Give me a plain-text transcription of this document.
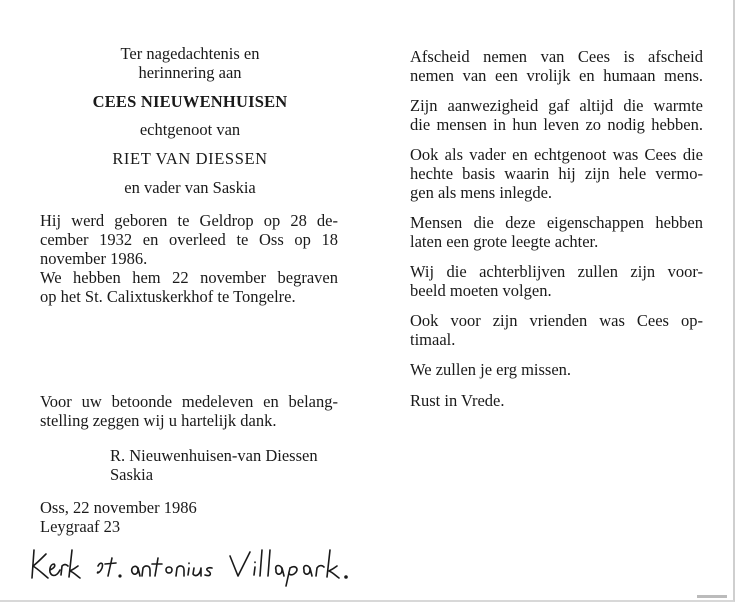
Ter nagedachtenis en
herinnering aan
CEES NIEUWENHUISEN
echtgenoot van
RIET VAN DIESSEN
en vader van Saskia
Hij werd geboren te Geldrop op 28 de-
cember 1932 en overleed te Oss op 18
november 1986.
We hebben hem 22 november begraven
op het St. Calixtuskerkhof te Tongelre.
Voor uw betoonde medeleven en belang-
stelling zeggen wij u hartelijk dank.
R. Nieuwenhuisen-van Diessen
Saskia
Oss, 22 november 1986
Leygraaf 23
Afscheid nemen van Cees is afscheid
nemen van een vrolijk en humaan mens.
Zijn aanwezigheid gaf altijd die warmte
die mensen in hun leven zo nodig hebben.
Ook als vader en echtgenoot was Cees die
hechte basis waarin hij zijn hele vermo-
gen als mens inlegde.
Mensen die deze eigenschappen hebben
laten een grote leegte achter.
Wij die achterblijven zullen zijn voor-
beeld moeten volgen.
Ook voor zijn vrienden was Cees op-
timaal.
We zullen je erg missen.
Rust in Vrede.
